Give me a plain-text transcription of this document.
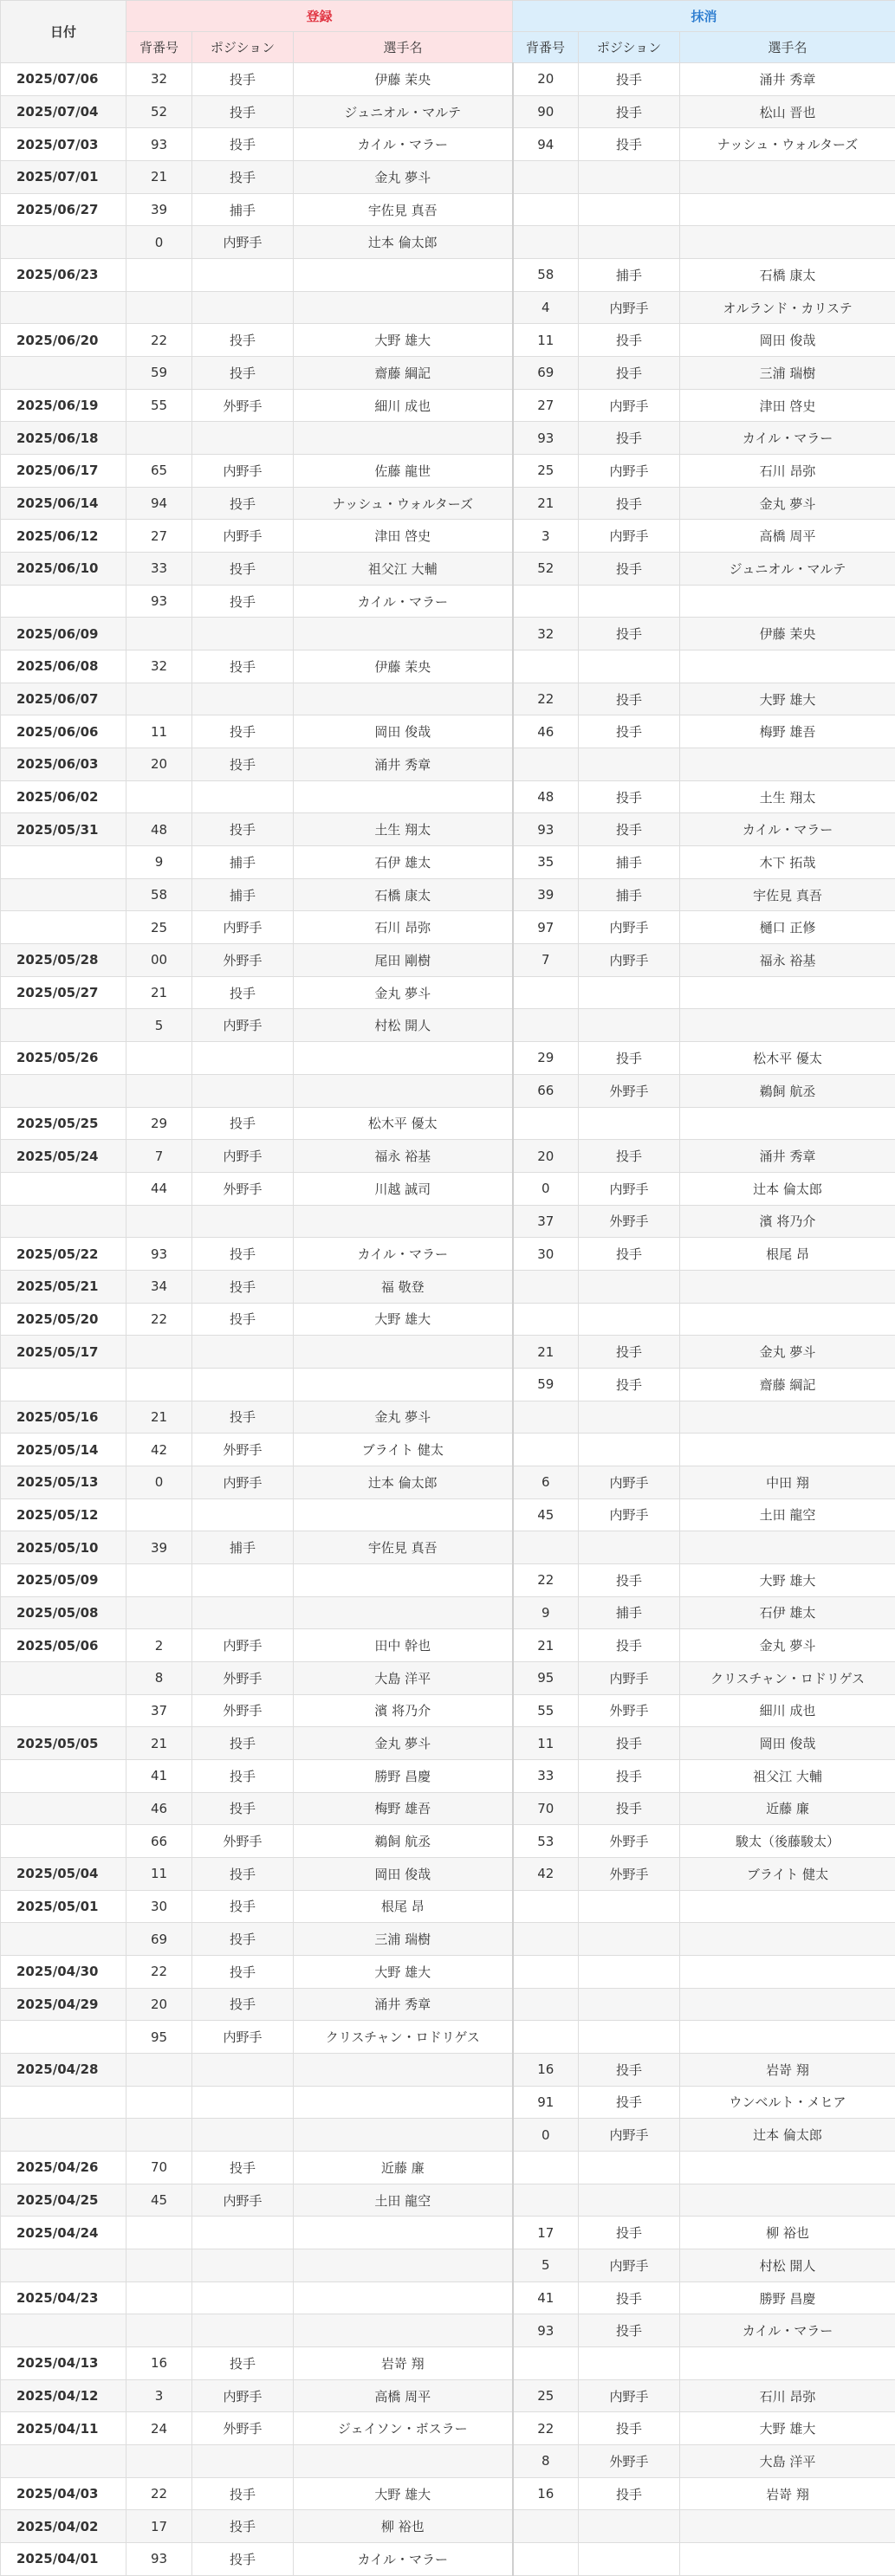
日付	登録			抹消		
	背番号	ポジション	選手名	背番号	ポジション	選手名
2025/07/06	32	投手	伊藤 茉央	20	投手	涌井 秀章
2025/07/04	52	投手	ジュニオル・マルテ	90	投手	松山 晋也
2025/07/03	93	投手	カイル・マラー	94	投手	ナッシュ・ウォルターズ
2025/07/01	21	投手	金丸 夢斗			
2025/06/27	39	捕手	宇佐見 真吾			
	0	内野手	辻本 倫太郎			
2025/06/23				58	捕手	石橋 康太
				4	内野手	オルランド・カリステ
2025/06/20	22	投手	大野 雄大	11	投手	岡田 俊哉
	59	投手	齋藤 綱記	69	投手	三浦 瑞樹
2025/06/19	55	外野手	細川 成也	27	内野手	津田 啓史
2025/06/18				93	投手	カイル・マラー
2025/06/17	65	内野手	佐藤 龍世	25	内野手	石川 昂弥
2025/06/14	94	投手	ナッシュ・ウォルターズ	21	投手	金丸 夢斗
2025/06/12	27	内野手	津田 啓史	3	内野手	高橋 周平
2025/06/10	33	投手	祖父江 大輔	52	投手	ジュニオル・マルテ
	93	投手	カイル・マラー			
2025/06/09				32	投手	伊藤 茉央
2025/06/08	32	投手	伊藤 茉央			
2025/06/07				22	投手	大野 雄大
2025/06/06	11	投手	岡田 俊哉	46	投手	梅野 雄吾
2025/06/03	20	投手	涌井 秀章			
2025/06/02				48	投手	土生 翔太
2025/05/31	48	投手	土生 翔太	93	投手	カイル・マラー
	9	捕手	石伊 雄太	35	捕手	木下 拓哉
	58	捕手	石橋 康太	39	捕手	宇佐見 真吾
	25	内野手	石川 昂弥	97	内野手	樋口 正修
2025/05/28	00	外野手	尾田 剛樹	7	内野手	福永 裕基
2025/05/27	21	投手	金丸 夢斗			
	5	内野手	村松 開人			
2025/05/26				29	投手	松木平 優太
				66	外野手	鵜飼 航丞
2025/05/25	29	投手	松木平 優太			
2025/05/24	7	内野手	福永 裕基	20	投手	涌井 秀章
	44	外野手	川越 誠司	0	内野手	辻本 倫太郎
				37	外野手	濱 将乃介
2025/05/22	93	投手	カイル・マラー	30	投手	根尾 昂
2025/05/21	34	投手	福 敬登			
2025/05/20	22	投手	大野 雄大			
2025/05/17				21	投手	金丸 夢斗
				59	投手	齋藤 綱記
2025/05/16	21	投手	金丸 夢斗			
2025/05/14	42	外野手	ブライト 健太			
2025/05/13	0	内野手	辻本 倫太郎	6	内野手	中田 翔
2025/05/12				45	内野手	土田 龍空
2025/05/10	39	捕手	宇佐見 真吾			
2025/05/09				22	投手	大野 雄大
2025/05/08				9	捕手	石伊 雄太
2025/05/06	2	内野手	田中 幹也	21	投手	金丸 夢斗
	8	外野手	大島 洋平	95	内野手	クリスチャン・ロドリゲス
	37	外野手	濱 将乃介	55	外野手	細川 成也
2025/05/05	21	投手	金丸 夢斗	11	投手	岡田 俊哉
	41	投手	勝野 昌慶	33	投手	祖父江 大輔
	46	投手	梅野 雄吾	70	投手	近藤 廉
	66	外野手	鵜飼 航丞	53	外野手	駿太（後藤駿太）
2025/05/04	11	投手	岡田 俊哉	42	外野手	ブライト 健太
2025/05/01	30	投手	根尾 昂			
	69	投手	三浦 瑞樹			
2025/04/30	22	投手	大野 雄大			
2025/04/29	20	投手	涌井 秀章			
	95	内野手	クリスチャン・ロドリゲス			
2025/04/28				16	投手	岩嵜 翔
				91	投手	ウンベルト・メヒア
				0	内野手	辻本 倫太郎
2025/04/26	70	投手	近藤 廉			
2025/04/25	45	内野手	土田 龍空			
2025/04/24				17	投手	柳 裕也
				5	内野手	村松 開人
2025/04/23				41	投手	勝野 昌慶
				93	投手	カイル・マラー
2025/04/13	16	投手	岩嵜 翔			
2025/04/12	3	内野手	高橋 周平	25	内野手	石川 昂弥
2025/04/11	24	外野手	ジェイソン・ボスラー	22	投手	大野 雄大
				8	外野手	大島 洋平
2025/04/03	22	投手	大野 雄大	16	投手	岩嵜 翔
2025/04/02	17	投手	柳 裕也			
2025/04/01	93	投手	カイル・マラー			
